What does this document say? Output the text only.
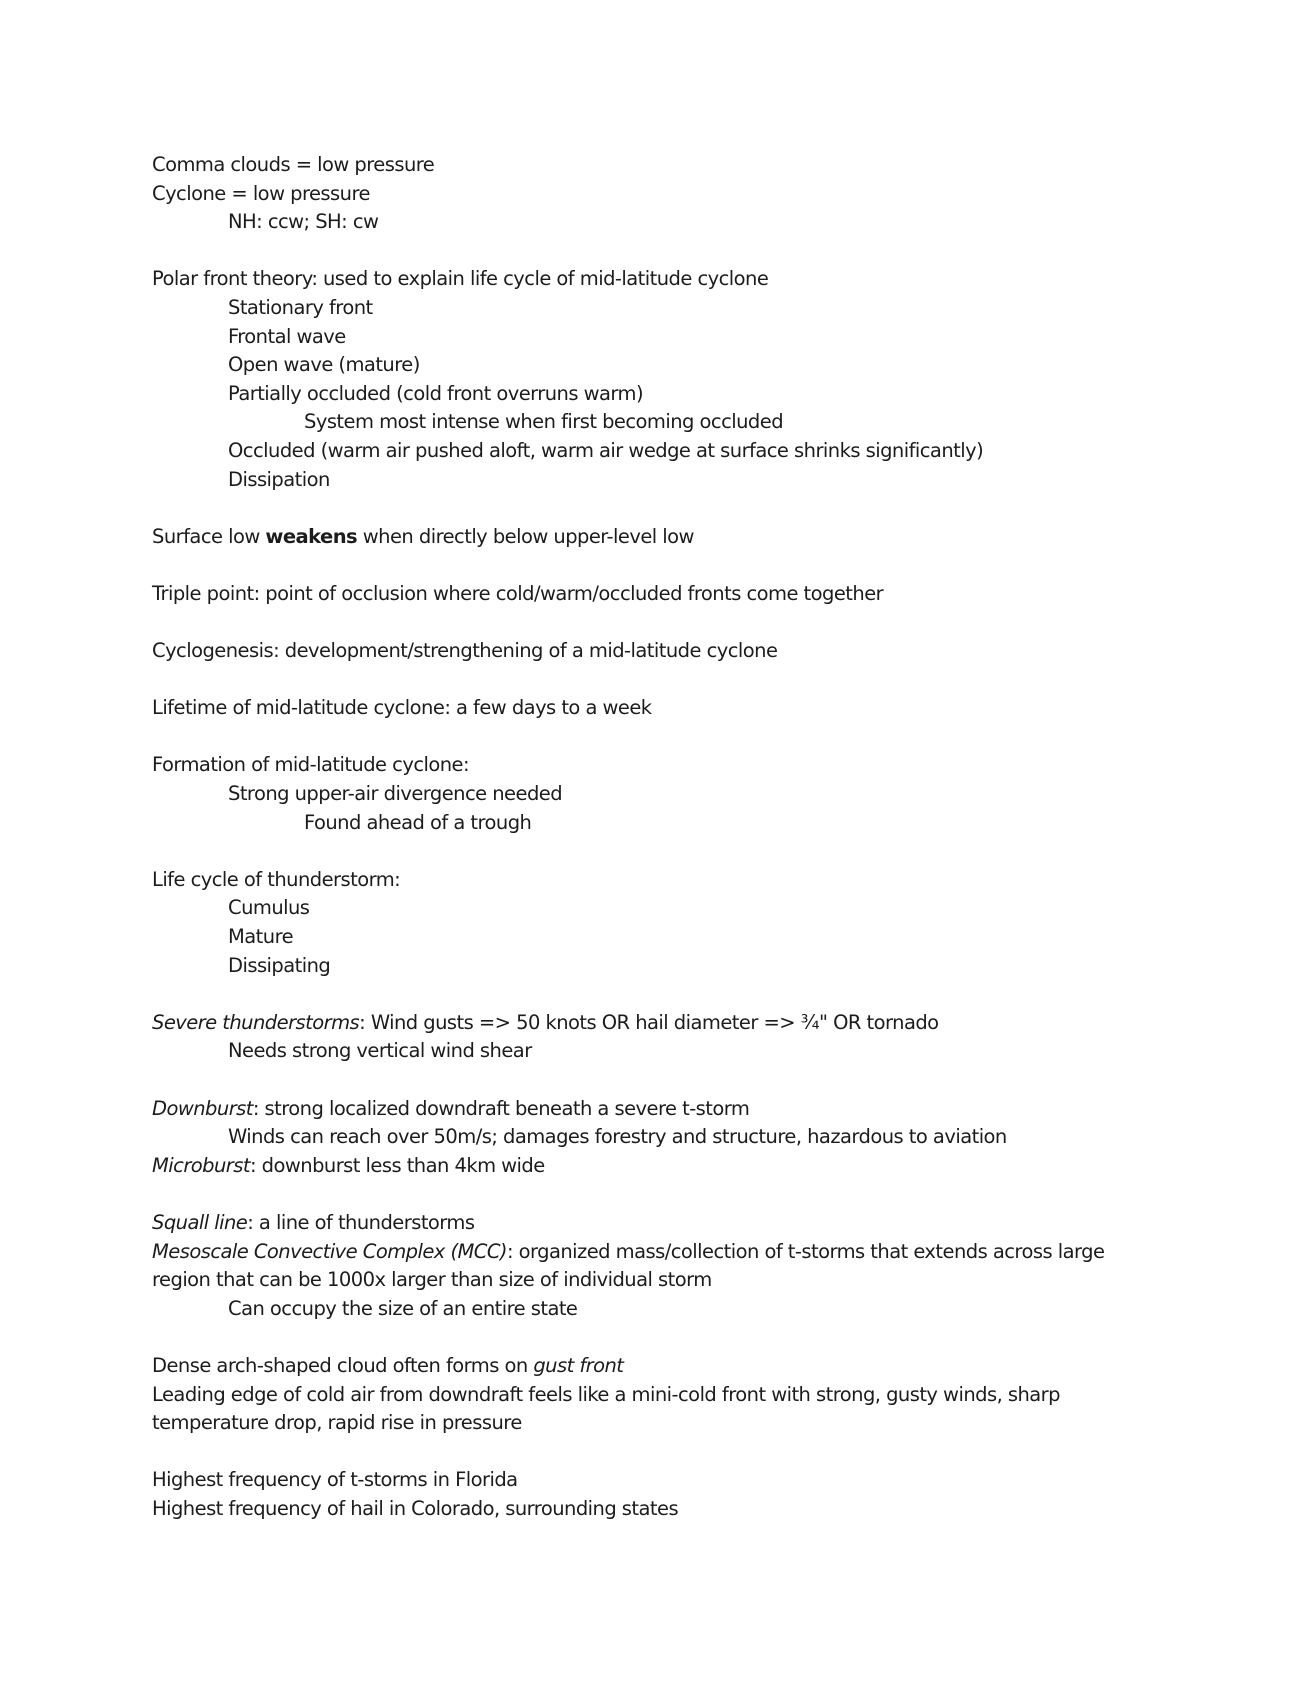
Comma clouds = low pressure
Cyclone = low pressure
NH: ccw; SH: cw
Polar front theory: used to explain life cycle of mid-latitude cyclone
Stationary front
Frontal wave
Open wave (mature)
Partially occluded (cold front overruns warm)
System most intense when first becoming occluded
Occluded (warm air pushed aloft, warm air wedge at surface shrinks significantly)
Dissipation
Surface low weakens when directly below upper-level low
Triple point: point of occlusion where cold/warm/occluded fronts come together
Cyclogenesis: development/strengthening of a mid-latitude cyclone
Lifetime of mid-latitude cyclone: a few days to a week
Formation of mid-latitude cyclone:
Strong upper-air divergence needed
Found ahead of a trough
Life cycle of thunderstorm:
Cumulus
Mature
Dissipating
Severe thunderstorms: Wind gusts => 50 knots OR hail diameter => ¾" OR tornado
Needs strong vertical wind shear
Downburst: strong localized downdraft beneath a severe t-storm
Winds can reach over 50m/s; damages forestry and structure, hazardous to aviation
Microburst: downburst less than 4km wide
Squall line: a line of thunderstorms
Mesoscale Convective Complex (MCC): organized mass/collection of t-storms that extends across large region that can be 1000x larger than size of individual storm
Can occupy the size of an entire state
Dense arch-shaped cloud often forms on gust front
Leading edge of cold air from downdraft feels like a mini-cold front with strong, gusty winds, sharp temperature drop, rapid rise in pressure
Highest frequency of t-storms in Florida
Highest frequency of hail in Colorado, surrounding states
